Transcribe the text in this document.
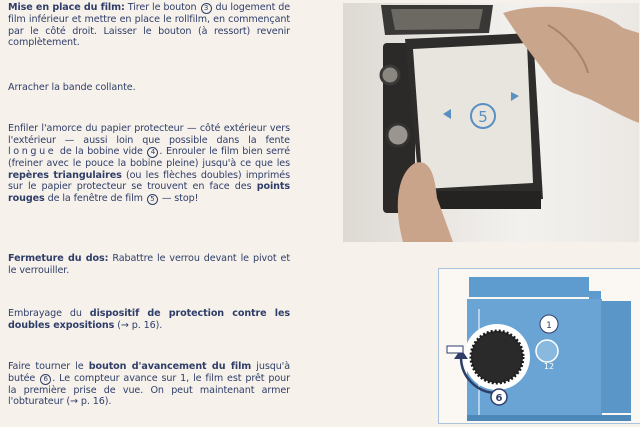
Mise en place du film: Tirer le bouton 3 du logement de film inférieur et mettre en place le rollfilm, en commençant par le côté droit. Laisser le bouton (à ressort) revenir complètement.

Arracher la bande collante.

Enfiler l'amorce du papier protecteur — côté extérieur vers l'extérieur — aussi loin que possible dans la fente longue de la bobine vide 4 . Enrouler le film bien serré (freiner avec le pouce la bobine pleine) jusqu'à ce que les repères triangulaires (ou les flèches doubles) imprimés sur le papier protecteur se trouvent en face des points rouges de la fenêtre de film 5 — stop!

Fermeture du dos: Rabattre le verrou devant le pivot et le verrouiller.

Embrayage du dispositif de protection contre les doubles expositions (→ p. 16).

Faire tourner le bouton d'avancement du film jusqu'à butée 6 . Le compteur avance sur 1, le film est prêt pour la première prise de vue. On peut maintenant armer l'obturateur (→ p. 16).

5
1
12
6
